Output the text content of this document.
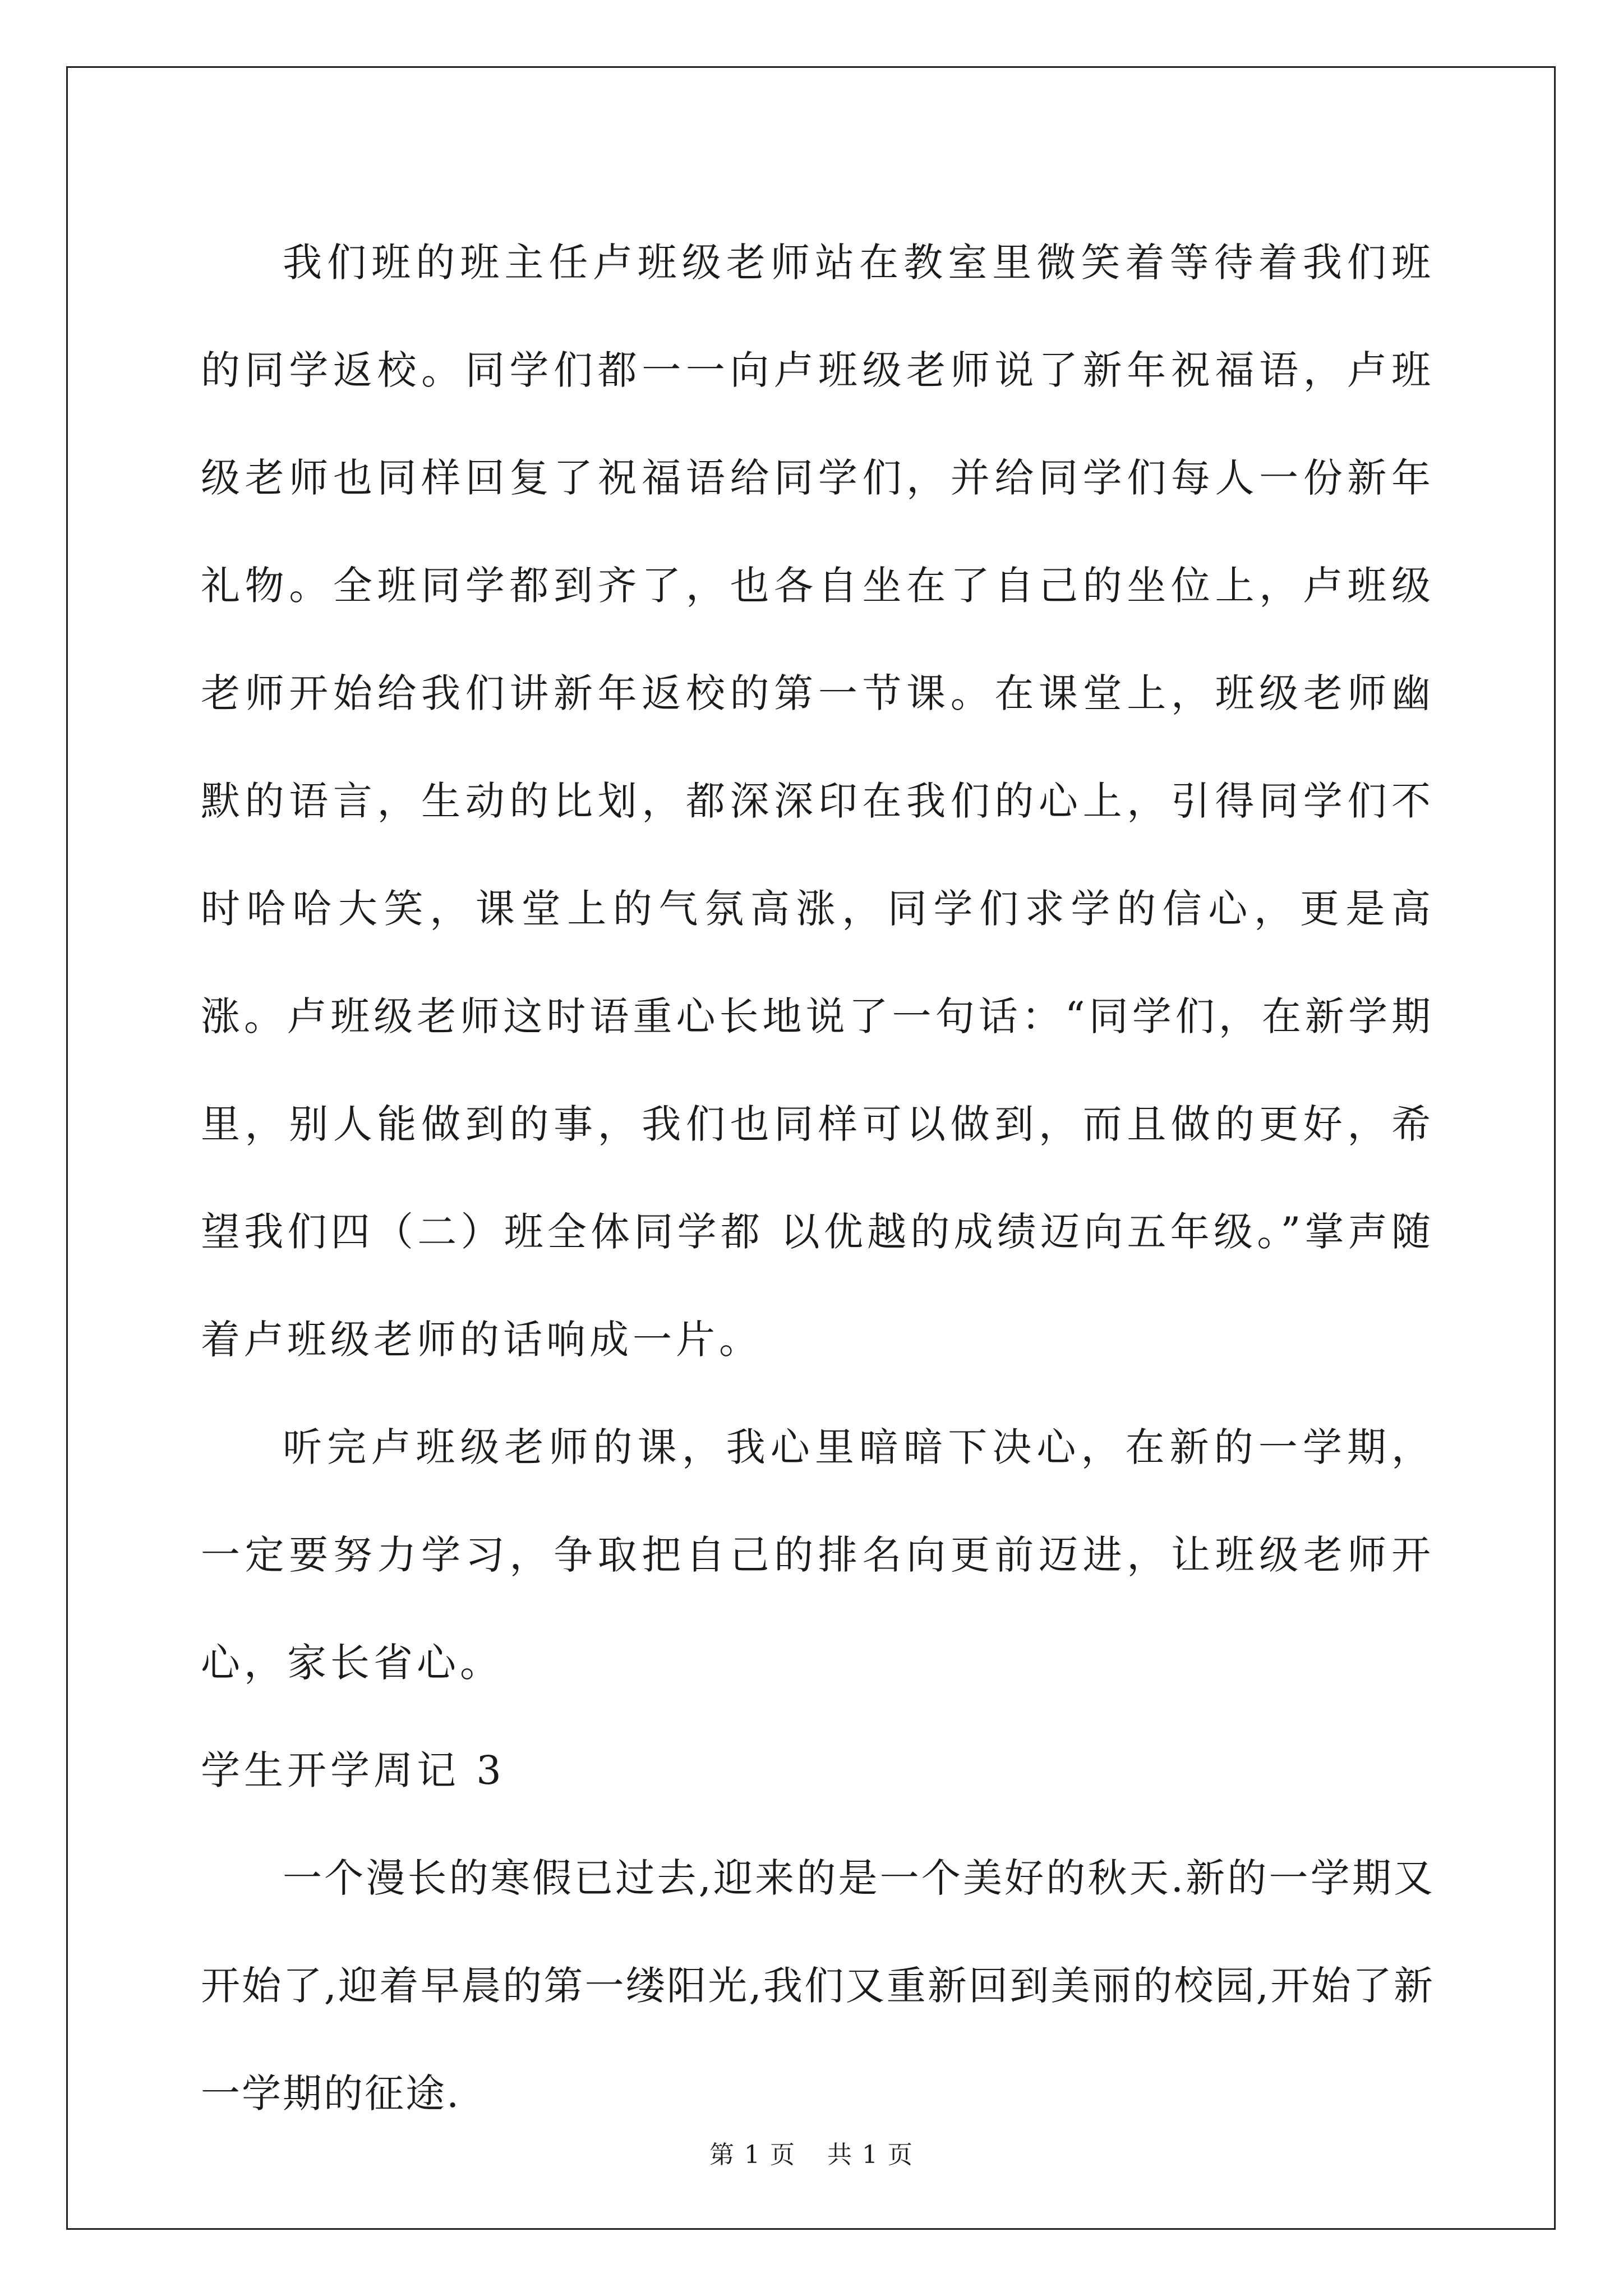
我们班的班主任卢班级老师站在教室里微笑着等待着我们班的同学返校。同学们都一一向卢班级老师说了新年祝福语，卢班级老师也同样回复了祝福语给同学们，并给同学们每人一份新年礼物。全班同学都到齐了，也各自坐在了自己的坐位上，卢班级老师开始给我们讲新年返校的第一节课。在课堂上，班级老师幽默的语言，生动的比划，都深深印在我们的心上，引得同学们不时哈哈大笑，课堂上的气氛高涨，同学们求学的信心，更是高涨。卢班级老师这时语重心长地说了一句话：“同学们，在新学期里，别人能做到的事，我们也同样可以做到，而且做的更好，希望我们四（二）班全体同学都 以优越的成绩迈向五年级。”掌声随着卢班级老师的话响成一片。

听完卢班级老师的课，我心里暗暗下决心，在新的一学期，一定要努力学习，争取把自己的排名向更前迈进，让班级老师开心，家长省心。

学生开学周记 3

一个漫长的寒假已过去,迎来的是一个美好的秋天.新的一学期又开始了,迎着早晨的第一缕阳光,我们又重新回到美丽的校园,开始了新一学期的征途.

第 1 页 共 1 页
